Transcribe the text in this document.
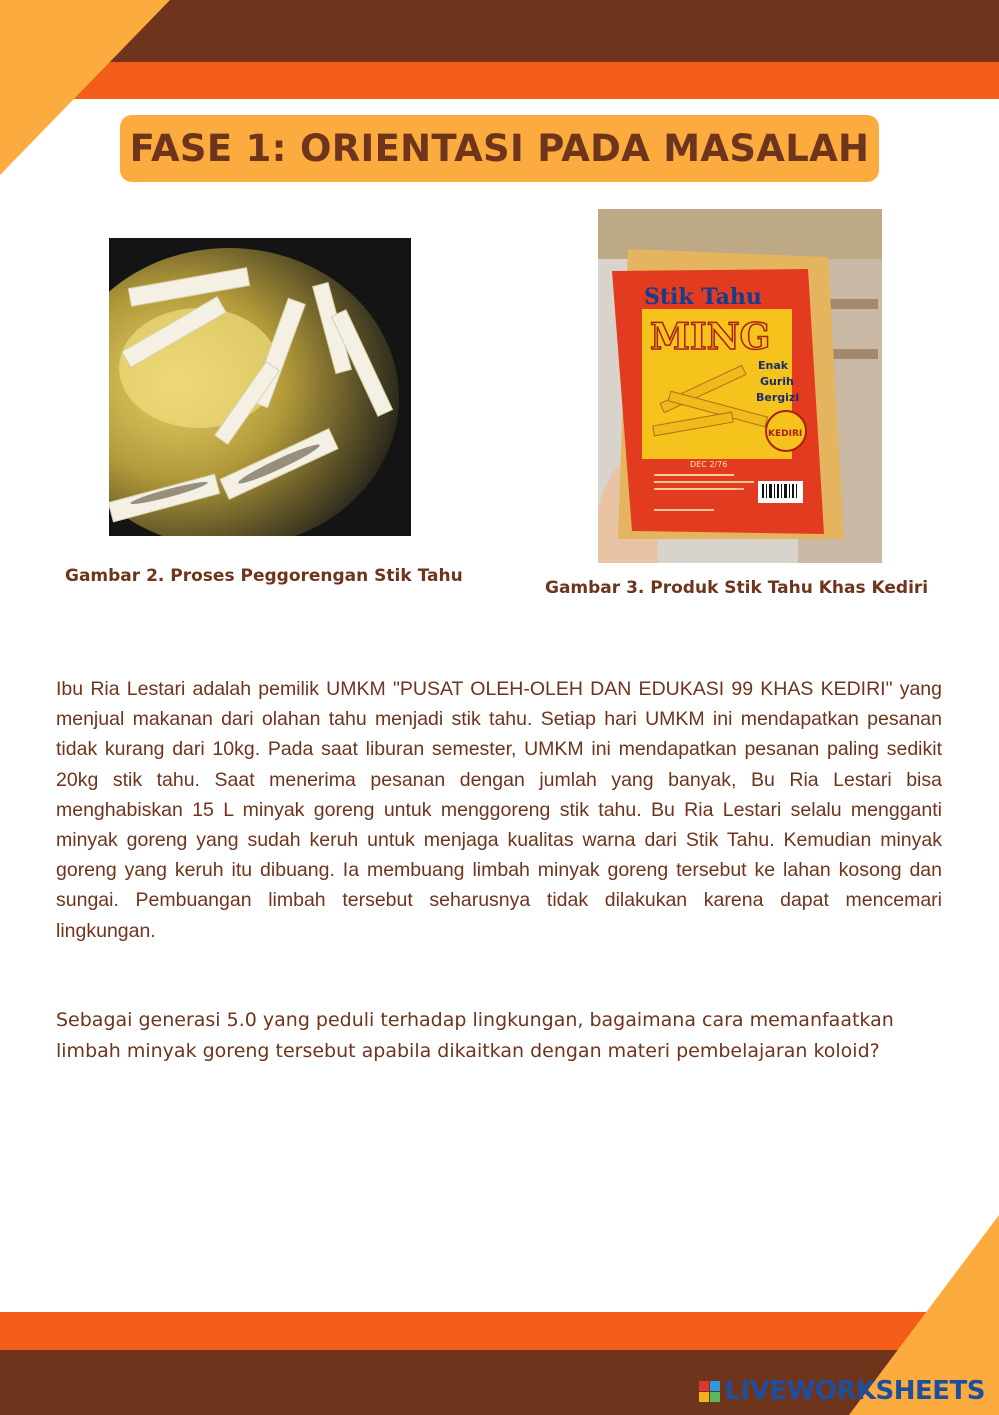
FASE 1: ORIENTASI PADA MASALAH
Stik Tahu
MING
Enak
Gurih
Bergizi
KEDIRI
DEC 2/76
Gambar 2. Proses Peggorengan Stik Tahu
Gambar 3. Produk Stik Tahu Khas Kediri

Ibu Ria Lestari adalah pemilik UMKM "PUSAT OLEH-OLEH DAN EDUKASI 99 KHAS KEDIRI" yang menjual makanan dari olahan tahu menjadi stik tahu. Setiap hari UMKM ini mendapatkan pesanan tidak kurang dari 10kg. Pada saat liburan semester, UMKM ini mendapatkan pesanan paling sedikit 20kg stik tahu. Saat menerima pesanan dengan jumlah yang banyak, Bu Ria Lestari bisa menghabiskan 15 L minyak goreng untuk menggoreng stik tahu. Bu Ria Lestari selalu mengganti minyak goreng yang sudah keruh untuk menjaga kualitas warna dari Stik Tahu. Kemudian minyak goreng yang keruh itu dibuang. Ia membuang limbah minyak goreng tersebut ke lahan kosong dan sungai. Pembuangan limbah tersebut seharusnya tidak dilakukan karena dapat mencemari lingkungan.

Sebagai generasi 5.0 yang peduli terhadap lingkungan, bagaimana cara memanfaatkan limbah minyak goreng tersebut apabila dikaitkan dengan materi pembelajaran koloid?

LIVEWORKSHEETS
